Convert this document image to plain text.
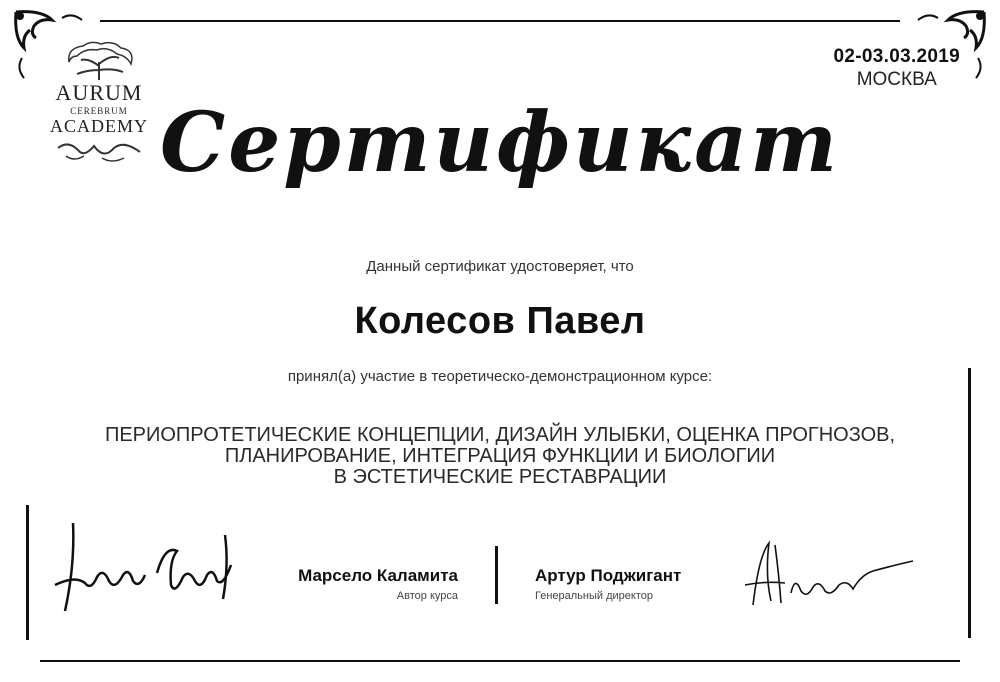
AURUM
CEREBRUM
ACADEMY
02-03.03.2019
МОСКВА
Сертификат
Данный сертификат удостоверяет, что
Колесов Павел
принял(а) участие в теоретическо-демонстрационном курсе:
ПЕРИОПРОТЕТИЧЕСКИЕ КОНЦЕПЦИИ, ДИЗАЙН УЛЫБКИ, ОЦЕНКА ПРОГНОЗОВ,
ПЛАНИРОВАНИЕ, ИНТЕГРАЦИЯ ФУНКЦИИ И БИОЛОГИИ
В ЭСТЕТИЧЕСКИЕ РЕСТАВРАЦИИ
Марсело Каламита
Автор курса
Артур Поджигант
Генеральный директор
